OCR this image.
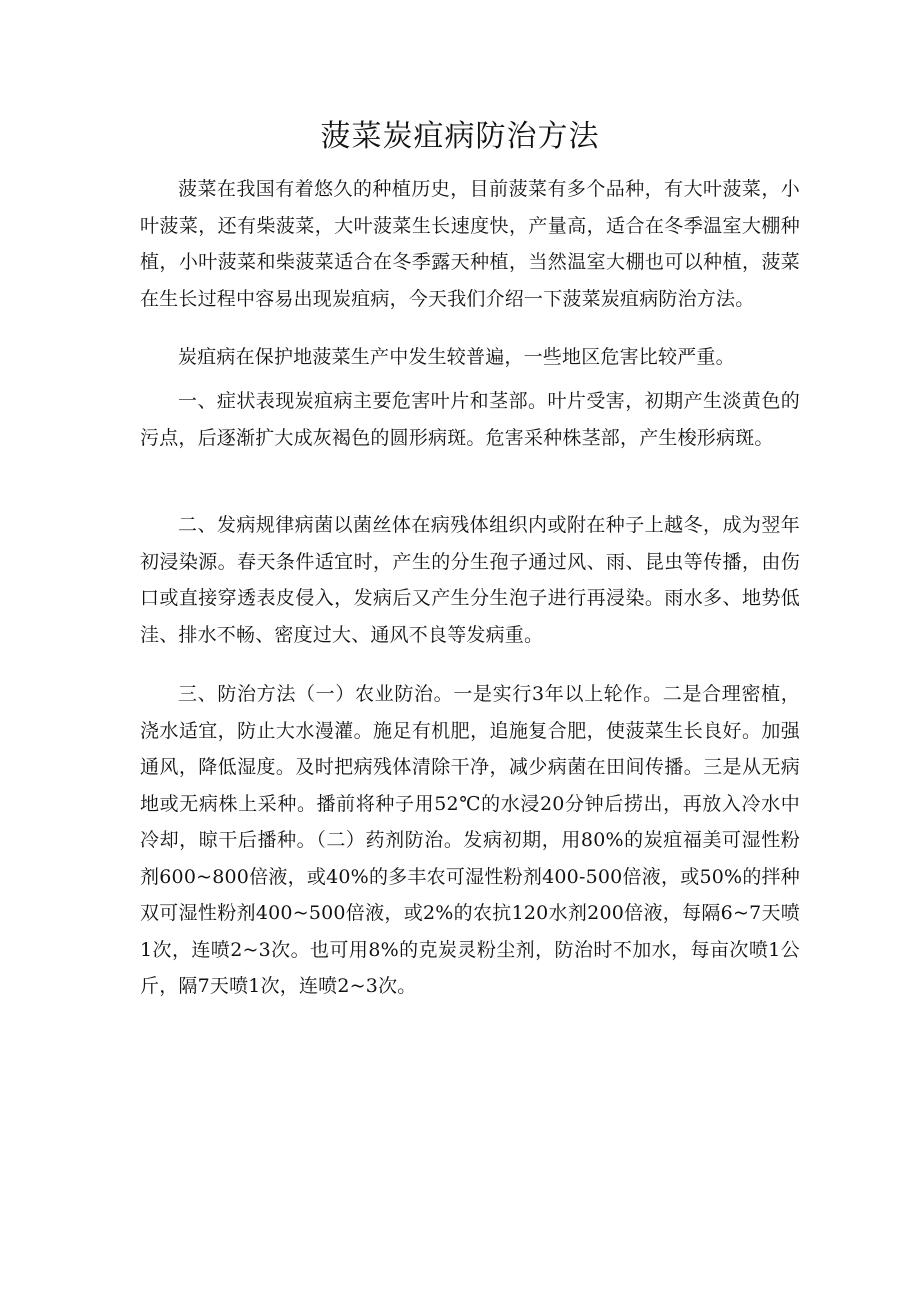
菠菜炭疽病防治方法

菠菜在我国有着悠久的种植历史，目前菠菜有多个品种，有大叶菠菜，小叶菠菜，还有柴菠菜，大叶菠菜生长速度快，产量高，适合在冬季温室大棚种植，小叶菠菜和柴菠菜适合在冬季露天种植，当然温室大棚也可以种植，菠菜在生长过程中容易出现炭疽病，今天我们介绍一下菠菜炭疽病防治方法。

炭疽病在保护地菠菜生产中发生较普遍，一些地区危害比较严重。

一、症状表现炭疽病主要危害叶片和茎部。叶片受害，初期产生淡黄色的污点，后逐渐扩大成灰褐色的圆形病斑。危害采种株茎部，产生梭形病斑。

二、发病规律病菌以菌丝体在病残体组织内或附在种子上越冬，成为翌年初浸染源。春天条件适宜时，产生的分生孢子通过风、雨、昆虫等传播，由伤口或直接穿透表皮侵入，发病后又产生分生泡子进行再浸染。雨水多、地势低洼、排水不畅、密度过大、通风不良等发病重。

三、防治方法（一）农业防治。一是实行3年以上轮作。二是合理密植，浇水适宜，防止大水漫灌。施足有机肥，追施复合肥，使菠菜生长良好。加强通风，降低湿度。及时把病残体清除干净，减少病菌在田间传播。三是从无病地或无病株上采种。播前将种子用52℃的水浸20分钟后捞出，再放入冷水中冷却，晾干后播种。（二）药剂防治。发病初期，用80%的炭疽福美可湿性粉剂600~800倍液，或40%的多丰农可湿性粉剂400-500倍液，或50%的拌种双可湿性粉剂400~500倍液，或2%的农抗120水剂200倍液，每隔6~7天喷1次，连喷2~3次。也可用8%的克炭灵粉尘剂，防治时不加水，每亩次喷1公斤，隔7天喷1次，连喷2~3次。
